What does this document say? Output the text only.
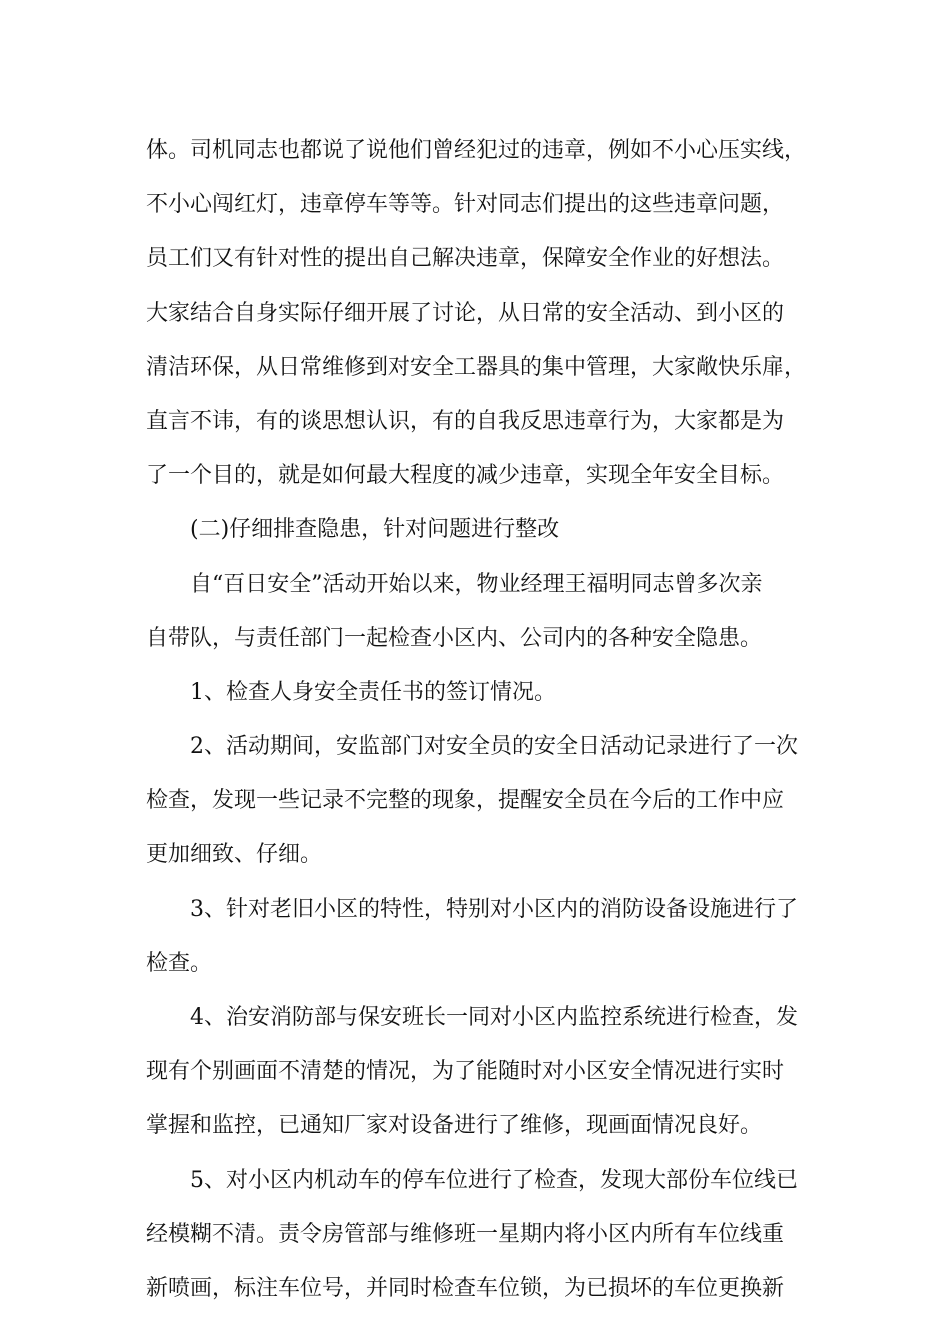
体。司机同志也都说了说他们曾经犯过的违章，例如不小心压实线，
不小心闯红灯，违章停车等等。针对同志们提出的这些违章问题，
员工们又有针对性的提出自己解决违章，保障安全作业的好想法。
大家结合自身实际仔细开展了讨论，从日常的安全活动、到小区的
清洁环保，从日常维修到对安全工器具的集中管理，大家敞快乐扉，
直言不讳，有的谈思想认识，有的自我反思违章行为，大家都是为
了一个目的，就是如何最大程度的减少违章，实现全年安全目标。
(二)仔细排查隐患，针对问题进行整改
自“百日安全”活动开始以来，物业经理王福明同志曾多次亲
自带队，与责任部门一起检查小区内、公司内的各种安全隐患。
1、检查人身安全责任书的签订情况。
2、活动期间，安监部门对安全员的安全日活动记录进行了一次
检查，发现一些记录不完整的现象，提醒安全员在今后的工作中应
更加细致、仔细。
3、针对老旧小区的特性，特别对小区内的消防设备设施进行了
检查。
4、治安消防部与保安班长一同对小区内监控系统进行检查，发
现有个别画面不清楚的情况，为了能随时对小区安全情况进行实时
掌握和监控，已通知厂家对设备进行了维修，现画面情况良好。
5、对小区内机动车的停车位进行了检查，发现大部份车位线已
经模糊不清。责令房管部与维修班一星期内将小区内所有车位线重
新喷画，标注车位号，并同时检查车位锁，为已损坏的车位更换新
